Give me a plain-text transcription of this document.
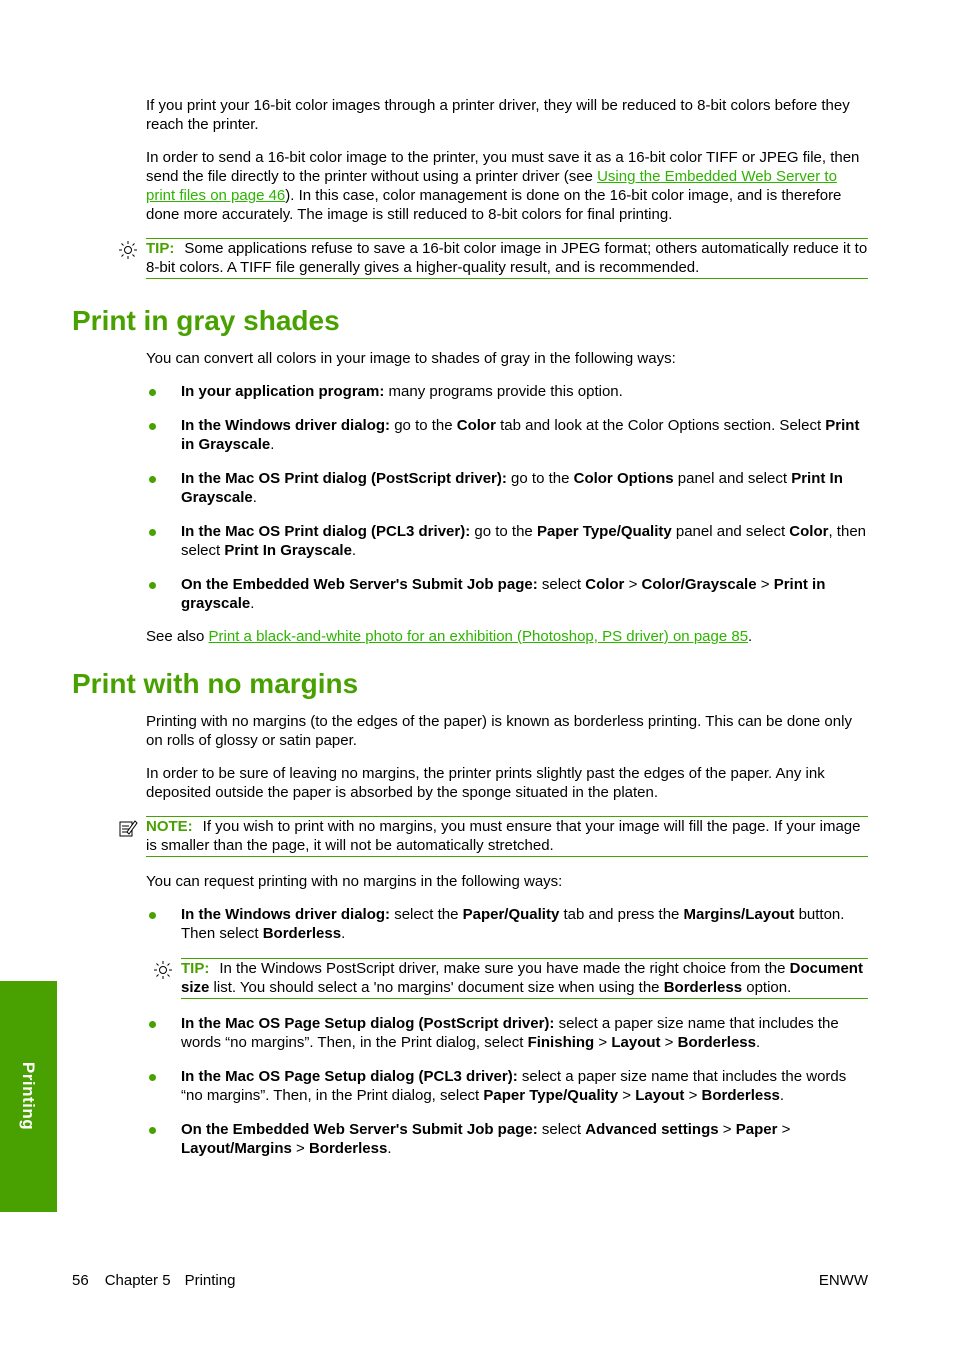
If you print your 16-bit color images through a printer driver, they will be reduced to 8-bit colors before they reach the printer.

In order to send a 16-bit color image to the printer, you must save it as a 16-bit color TIFF or JPEG file, then send the file directly to the printer without using a printer driver (see Using the Embedded Web Server to print files on page 46). In this case, color management is done on the 16-bit color image, and is therefore done more accurately. The image is still reduced to 8-bit colors for final printing.

TIP: Some applications refuse to save a 16-bit color image in JPEG format; others automatically reduce it to 8-bit colors. A TIFF file generally gives a higher-quality result, and is recommended.

Print in gray shades

You can convert all colors in your image to shades of gray in the following ways:

In your application program: many programs provide this option.
In the Windows driver dialog: go to the Color tab and look at the Color Options section. Select Print in Grayscale.
In the Mac OS Print dialog (PostScript driver): go to the Color Options panel and select Print In Grayscale.
In the Mac OS Print dialog (PCL3 driver): go to the Paper Type/Quality panel and select Color, then select Print In Grayscale.
On the Embedded Web Server's Submit Job page: select Color > Color/Grayscale > Print in grayscale.

See also Print a black-and-white photo for an exhibition (Photoshop, PS driver) on page 85.

Print with no margins

Printing with no margins (to the edges of the paper) is known as borderless printing. This can be done only on rolls of glossy or satin paper.

In order to be sure of leaving no margins, the printer prints slightly past the edges of the paper. Any ink deposited outside the paper is absorbed by the sponge situated in the platen.

NOTE: If you wish to print with no margins, you must ensure that your image will fill the page. If your image is smaller than the page, it will not be automatically stretched.

You can request printing with no margins in the following ways:

In the Windows driver dialog: select the Paper/Quality tab and press the Margins/Layout button. Then select Borderless.

TIP: In the Windows PostScript driver, make sure you have made the right choice from the Document size list. You should select a 'no margins' document size when using the Borderless option.

In the Mac OS Page Setup dialog (PostScript driver): select a paper size name that includes the words “no margins”. Then, in the Print dialog, select Finishing > Layout > Borderless.
In the Mac OS Page Setup dialog (PCL3 driver): select a paper size name that includes the words “no margins”. Then, in the Print dialog, select Paper Type/Quality > Layout > Borderless.
On the Embedded Web Server's Submit Job page: select Advanced settings > Paper > Layout/Margins > Borderless.
Printing
56 Chapter 5 Printing	ENWW
